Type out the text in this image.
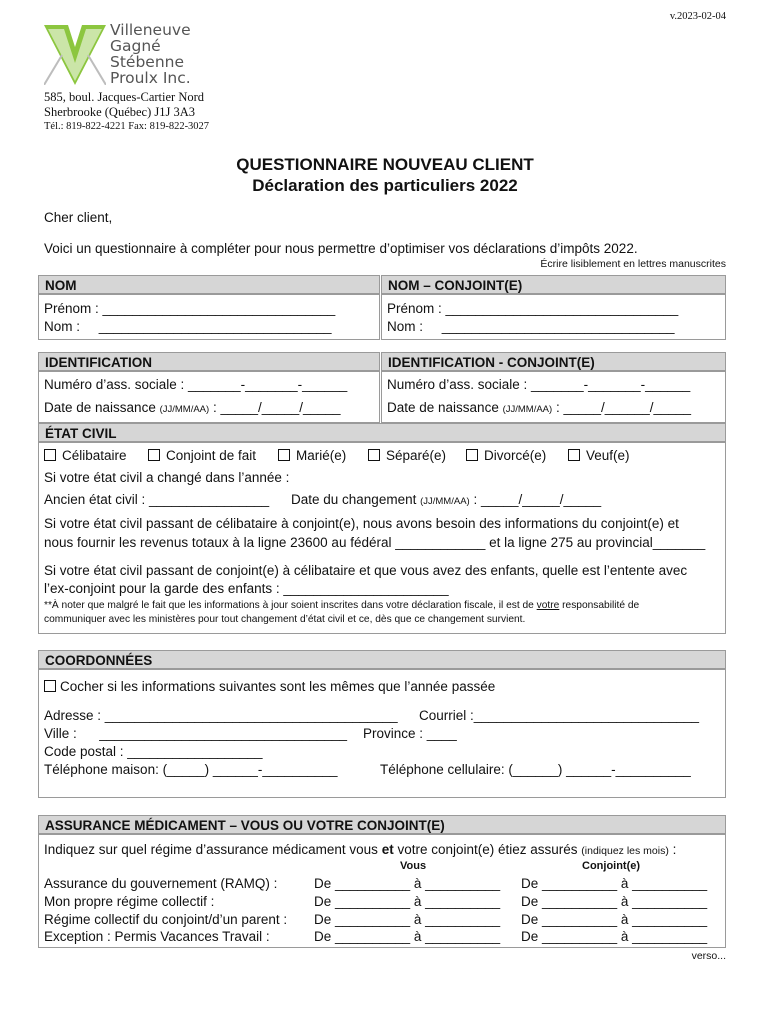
v.2023-02-04
Villeneuve
Gagné
Stébenne
Proulx Inc.
585, boul. Jacques-Cartier Nord
Sherbrooke (Québec) J1J 3A3
Tél.: 819-822-4221 Fax: 819-822-3027
QUESTIONNAIRE NOUVEAU CLIENT
Déclaration des particuliers 2022
Cher client,
Voici un questionnaire à compléter pour nous permettre d’optimiser vos déclarations d’impôts 2022.
Écrire lisiblement en lettres manuscrites
NOM	NOM – CONJOINT(E)
Prénom : _______________________________
Nom :     _______________________________
Prénom : _______________________________
Nom :     _______________________________
IDENTIFICATION	IDENTIFICATION - CONJOINT(E)
Numéro d’ass. sociale : _______-_______-______
Date de naissance (JJ/MM/AA) : _____/_____/_____
Numéro d’ass. sociale : _______-_______-______
Date de naissance (JJ/MM/AA) : _____/______/_____
ÉTAT CIVIL
Célibataire	Conjoint de fait	Marié(e)	Séparé(e)	Divorcé(e)	Veuf(e)
Si votre état civil a changé dans l’année :
Ancien état civil : ________________ Date du changement (JJ/MM/AA) : _____/_____/_____
Si votre état civil passant de célibataire à conjoint(e), nous avons besoin des informations du conjoint(e) et
nous fournir les revenus totaux à la ligne 23600 au fédéral ____________ et la ligne 275 au provincial_______
Si votre état civil passant de conjoint(e) à célibataire et que vous avez des enfants, quelle est l’entente avec
l’ex-conjoint pour la garde des enfants : ______________________
**À noter que malgré le fait que les informations à jour soient inscrites dans votre déclaration fiscale, il est de votre responsabilité de
communiquer avec les ministères pour tout changement d’état civil et ce, dès que ce changement survient.
COORDONNÉES
Cocher si les informations suivantes sont les mêmes que l’année passée
Adresse : _______________________________________ Courriel :______________________________
Ville :      _________________________________ Province : ____
Code postal : __________________
Téléphone maison: (_____) ______-__________	Téléphone cellulaire: (______) ______-__________
ASSURANCE MÉDICAMENT – VOUS OU VOTRE CONJOINT(E)
Indiquez sur quel régime d’assurance médicament vous et votre conjoint(e) étiez assurés (indiquez les mois) :
Vous	Conjoint(e)
Assurance du gouvernement (RAMQ) :	De __________ à __________ De __________ à __________
Mon propre régime collectif :	De __________ à __________ De __________ à __________
Régime collectif du conjoint/d’un parent : De __________ à __________ De __________ à __________
Exception : Permis Vacances Travail :	De __________ à __________ De __________ à __________
verso...
